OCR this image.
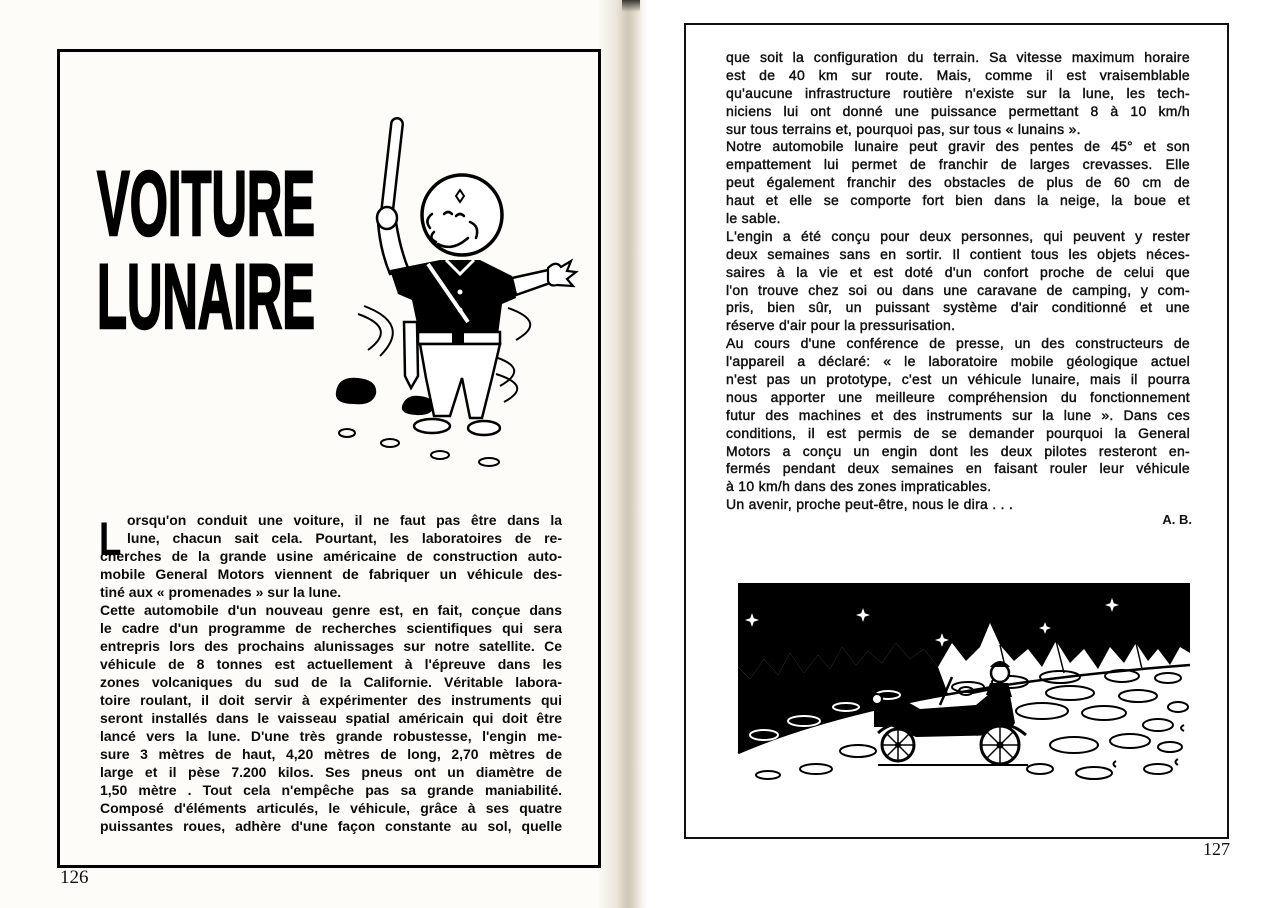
VOITURE
LUNAIRE
L orsqu'on conduit une voiture, il ne faut pas être dans la
lune, chacun sait cela. Pourtant, les laboratoires de re-
cherches de la grande usine américaine de construction auto-
mobile General Motors viennent de fabriquer un véhicule des-
tiné aux « promenades » sur la lune.
Cette automobile d'un nouveau genre est, en fait, conçue dans
le cadre d'un programme de recherches scientifiques qui sera
entrepris lors des prochains alunissages sur notre satellite. Ce
véhicule de 8 tonnes est actuellement à l'épreuve dans les
zones volcaniques du sud de la Californie. Véritable labora-
toire roulant, il doit servir à expérimenter des instruments qui
seront installés dans le vaisseau spatial américain qui doit être
lancé vers la lune. D'une très grande robustesse, l'engin me-
sure 3 mètres de haut, 4,20 mètres de long, 2,70 mètres de
large et il pèse 7.200 kilos. Ses pneus ont un diamètre de
1,50 mètre . Tout cela n'empêche pas sa grande maniabilité.
Composé d'éléments articulés, le véhicule, grâce à ses quatre
puissantes roues, adhère d'une façon constante au sol, quelle
126
que soit la configuration du terrain. Sa vitesse maximum horaire
est de 40 km sur route. Mais, comme il est vraisemblable
qu'aucune infrastructure routière n'existe sur la lune, les tech-
niciens lui ont donné une puissance permettant 8 à 10 km/h
sur tous terrains et, pourquoi pas, sur tous « lunains ».
Notre automobile lunaire peut gravir des pentes de 45° et son
empattement lui permet de franchir de larges crevasses. Elle
peut également franchir des obstacles de plus de 60 cm de
haut et elle se comporte fort bien dans la neige, la boue et
le sable.
L'engin a été conçu pour deux personnes, qui peuvent y rester
deux semaines sans en sortir. Il contient tous les objets néces-
saires à la vie et est doté d'un confort proche de celui que
l'on trouve chez soi ou dans une caravane de camping, y com-
pris, bien sûr, un puissant système d'air conditionné et une
réserve d'air pour la pressurisation.
Au cours d'une conférence de presse, un des constructeurs de
l'appareil a déclaré: « le laboratoire mobile géologique actuel
n'est pas un prototype, c'est un véhicule lunaire, mais il pourra
nous apporter une meilleure compréhension du fonctionnement
futur des machines et des instruments sur la lune ». Dans ces
conditions, il est permis de se demander pourquoi la General
Motors a conçu un engin dont les deux pilotes resteront en-
fermés pendant deux semaines en faisant rouler leur véhicule
à 10 km/h dans des zones impraticables.
Un avenir, proche peut-être, nous le dira . . .
A. B.
127
